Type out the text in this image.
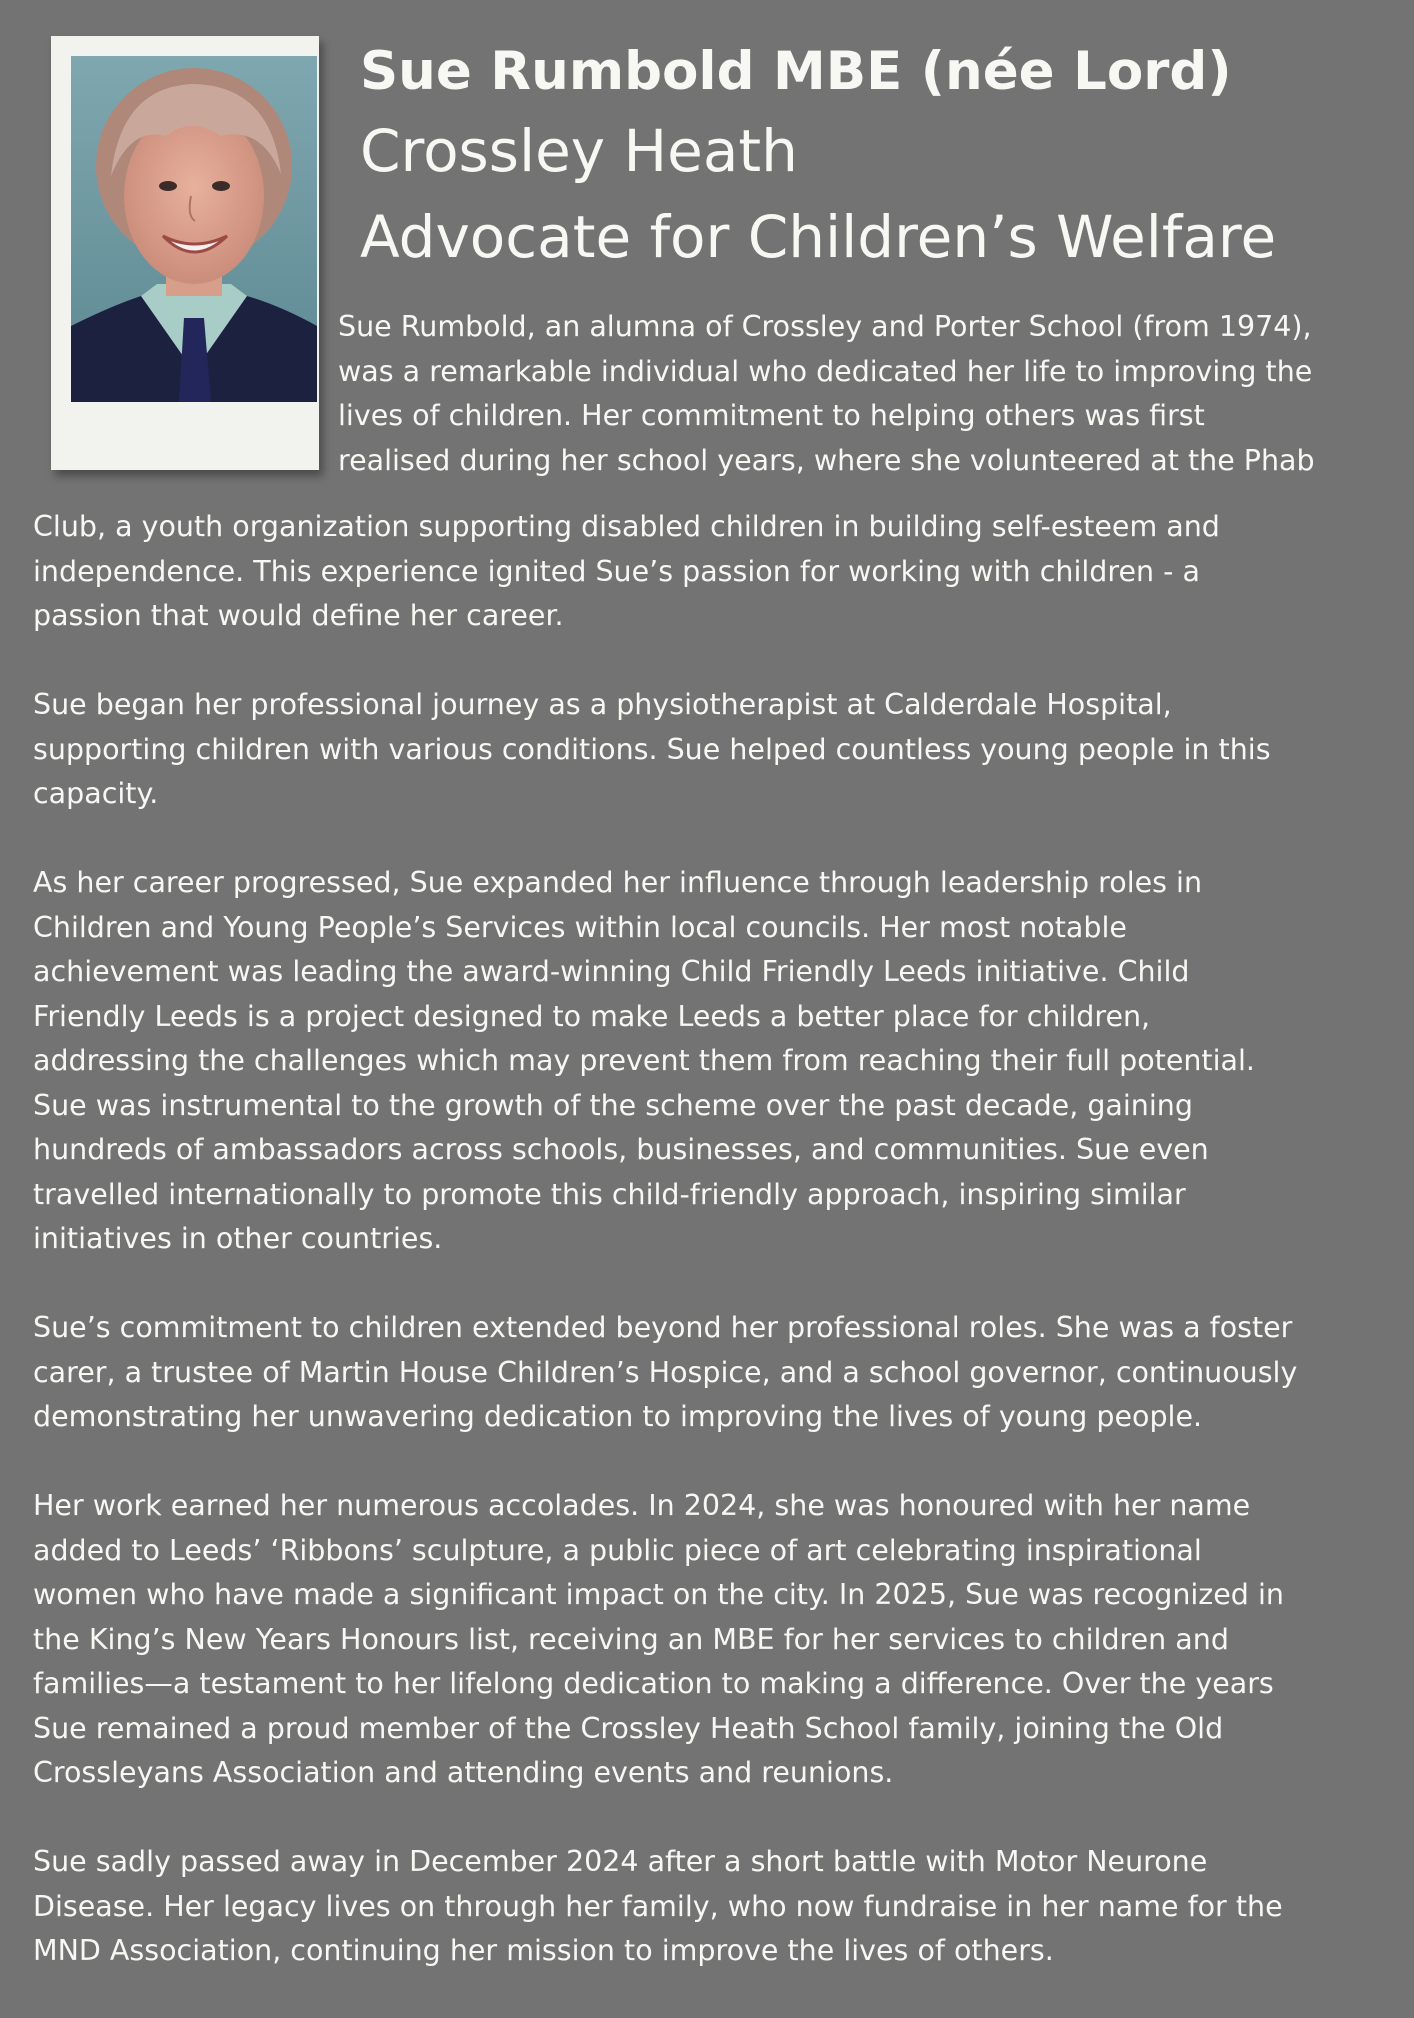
Sue Rumbold MBE (née Lord)
Crossley Heath
Advocate for Children’s Welfare
Sue Rumbold, an alumna of Crossley and Porter School (from 1974),
was a remarkable individual who dedicated her life to improving the
lives of children. Her commitment to helping others was first
realised during her school years, where she volunteered at the Phab

Club, a youth organization supporting disabled children in building self-esteem and
independence. This experience ignited Sue’s passion for working with children - a
passion that would define her career.

Sue began her professional journey as a physiotherapist at Calderdale Hospital,
supporting children with various conditions. Sue helped countless young people in this
capacity.

As her career progressed, Sue expanded her influence through leadership roles in
Children and Young People’s Services within local councils. Her most notable
achievement was leading the award-winning Child Friendly Leeds initiative. Child
Friendly Leeds is a project designed to make Leeds a better place for children,
addressing the challenges which may prevent them from reaching their full potential.
Sue was instrumental to the growth of the scheme over the past decade, gaining
hundreds of ambassadors across schools, businesses, and communities. Sue even
travelled internationally to promote this child-friendly approach, inspiring similar
initiatives in other countries.

Sue’s commitment to children extended beyond her professional roles. She was a foster
carer, a trustee of Martin House Children’s Hospice, and a school governor, continuously
demonstrating her unwavering dedication to improving the lives of young people.

Her work earned her numerous accolades. In 2024, she was honoured with her name
added to Leeds’ ‘Ribbons’ sculpture, a public piece of art celebrating inspirational
women who have made a significant impact on the city. In 2025, Sue was recognized in
the King’s New Years Honours list, receiving an MBE for her services to children and
families—a testament to her lifelong dedication to making a difference. Over the years
Sue remained a proud member of the Crossley Heath School family, joining the Old
Crossleyans Association and attending events and reunions.

Sue sadly passed away in December 2024 after a short battle with Motor Neurone
Disease. Her legacy lives on through her family, who now fundraise in her name for the
MND Association, continuing her mission to improve the lives of others.
